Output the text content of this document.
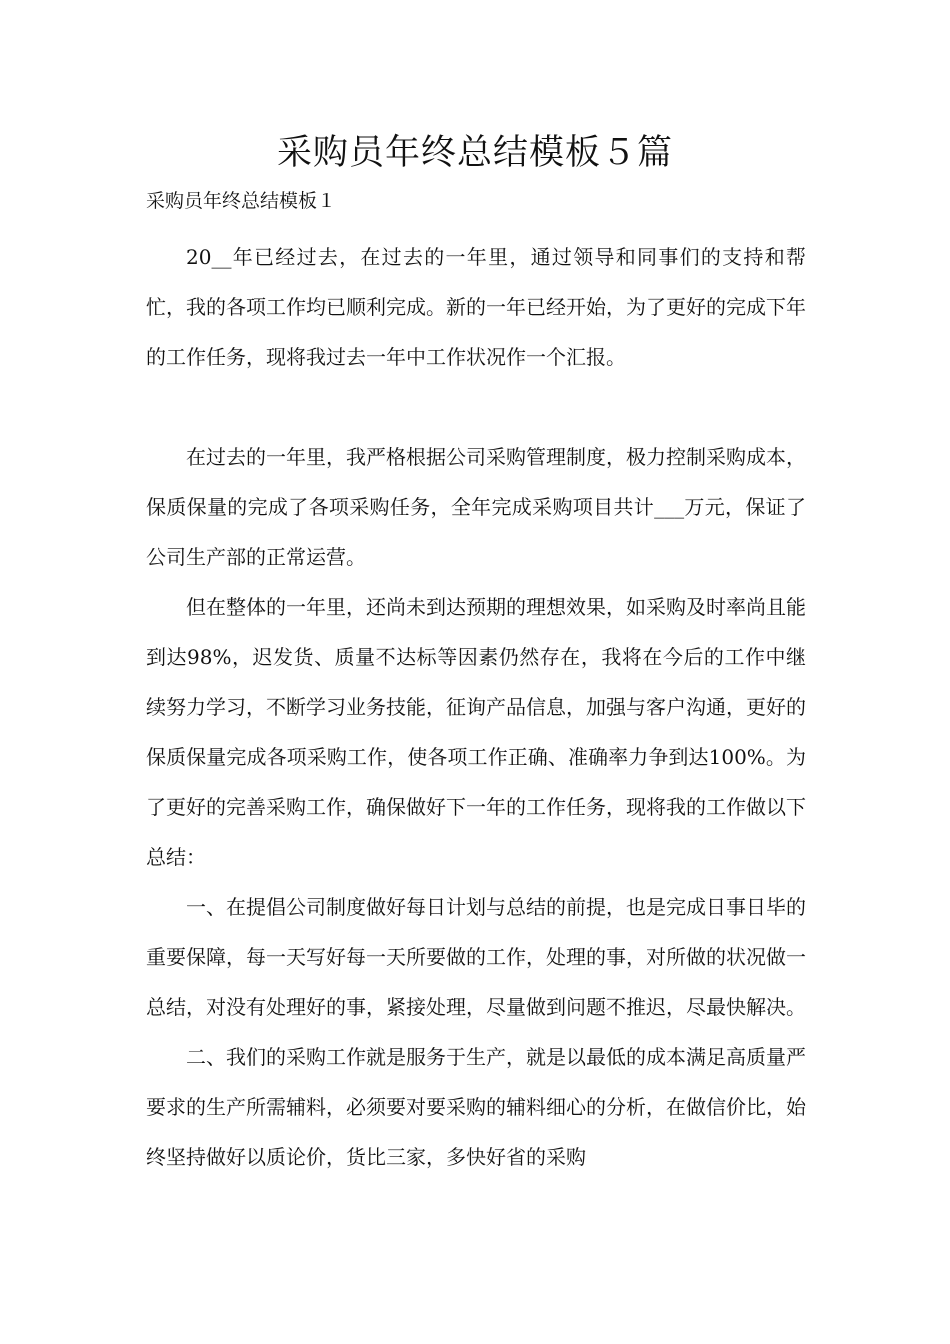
采购员年终总结模板５篇

采购员年终总结模板１

20__年已经过去，在过去的一年里，通过领导和同事们的支持和帮忙，我的各项工作均已顺利完成。新的一年已经开始，为了更好的完成下年的工作任务，现将我过去一年中工作状况作一个汇报。

在过去的一年里，我严格根据公司采购管理制度，极力控制采购成本，保质保量的完成了各项采购任务，全年完成采购项目共计___万元，保证了公司生产部的正常运营。

但在整体的一年里，还尚未到达预期的理想效果，如采购及时率尚且能到达98%，迟发货、质量不达标等因素仍然存在，我将在今后的工作中继续努力学习，不断学习业务技能，征询产品信息，加强与客户沟通，更好的保质保量完成各项采购工作，使各项工作正确、准确率力争到达100%。为了更好的完善采购工作，确保做好下一年的工作任务，现将我的工作做以下总结：

一、在提倡公司制度做好每日计划与总结的前提，也是完成日事日毕的重要保障，每一天写好每一天所要做的工作，处理的事，对所做的状况做一总结，对没有处理好的事，紧接处理，尽量做到问题不推迟，尽最快解决。

二、我们的采购工作就是服务于生产，就是以最低的成本满足高质量严要求的生产所需辅料，必须要对要采购的辅料细心的分析，在做信价比，始终坚持做好以质论价，货比三家，多快好省的采购
